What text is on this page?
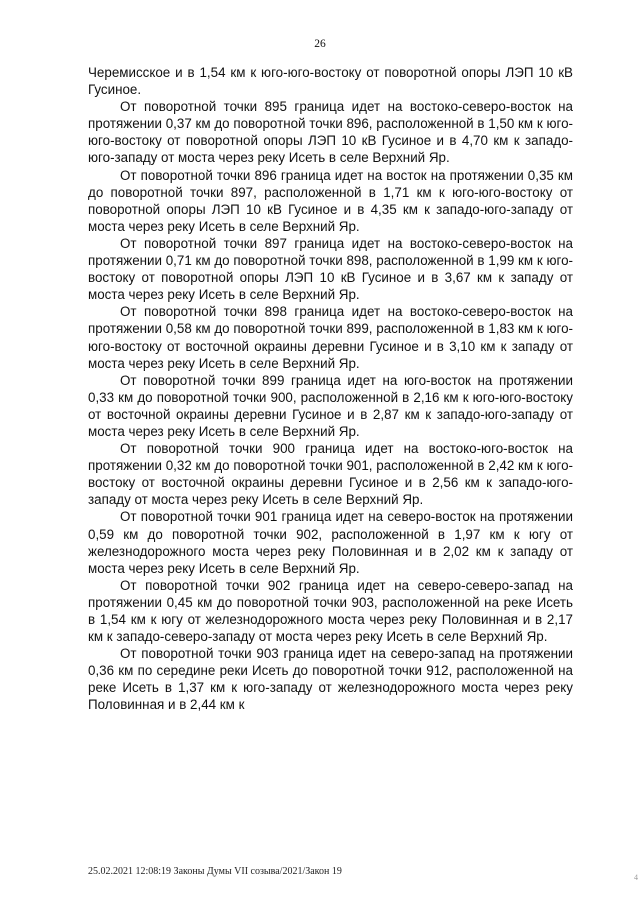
26

Черемисское и в 1,54 км к юго-юго-востоку от поворотной опоры ЛЭП 10 кВ Гусиное.

От поворотной точки 895 граница идет на востоко-северо-восток на протяжении 0,37 км до поворотной точки 896, расположенной в 1,50 км к юго-юго-востоку от поворотной опоры ЛЭП 10 кВ Гусиное и в 4,70 км к западо-юго-западу от моста через реку Исеть в селе Верхний Яр.

От поворотной точки 896 граница идет на восток на протяжении 0,35 км до поворотной точки 897, расположенной в 1,71 км к юго-юго-востоку от поворотной опоры ЛЭП 10 кВ Гусиное и в 4,35 км к западо-юго-западу от моста через реку Исеть в селе Верхний Яр.

От поворотной точки 897 граница идет на востоко-северо-восток на протяжении 0,71 км до поворотной точки 898, расположенной в 1,99 км к юго-востоку от поворотной опоры ЛЭП 10 кВ Гусиное и в 3,67 км к западу от моста через реку Исеть в селе Верхний Яр.

От поворотной точки 898 граница идет на востоко-северо-восток на протяжении 0,58 км до поворотной точки 899, расположенной в 1,83 км к юго-юго-востоку от восточной окраины деревни Гусиное и в 3,10 км к западу от моста через реку Исеть в селе Верхний Яр.

От поворотной точки 899 граница идет на юго-восток на протяжении 0,33 км до поворотной точки 900, расположенной в 2,16 км к юго-юго-востоку от восточной окраины деревни Гусиное и в 2,87 км к западо-юго-западу от моста через реку Исеть в селе Верхний Яр.

От поворотной точки 900 граница идет на востоко-юго-восток на протяжении 0,32 км до поворотной точки 901, расположенной в 2,42 км к юго-востоку от восточной окраины деревни Гусиное и в 2,56 км к западо-юго-западу от моста через реку Исеть в селе Верхний Яр.

От поворотной точки 901 граница идет на северо-восток на протяжении 0,59 км до поворотной точки 902, расположенной в 1,97 км к югу от железнодорожного моста через реку Половинная и в 2,02 км к западу от моста через реку Исеть в селе Верхний Яр.

От поворотной точки 902 граница идет на северо-северо-запад на протяжении 0,45 км до поворотной точки 903, расположенной на реке Исеть в 1,54 км к югу от железнодорожного моста через реку Половинная и в 2,17 км к западо-северо-западу от моста через реку Исеть в селе Верхний Яр.

От поворотной точки 903 граница идет на северо-запад на протяжении 0,36 км по середине реки Исеть до поворотной точки 912, расположенной на реке Исеть в 1,37 км к юго-западу от железнодорожного моста через реку Половинная и в 2,44 км к

25.02.2021 12:08:19 Законы Думы VII созыва/2021/Закон 19
4
